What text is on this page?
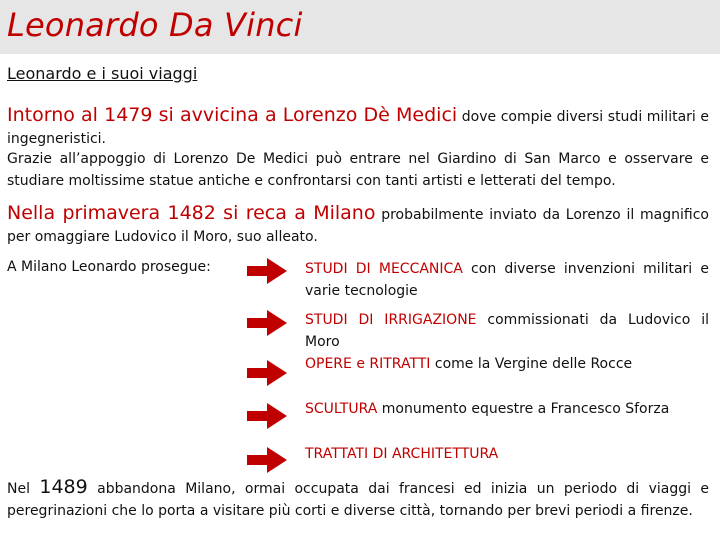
Leonardo Da Vinci
Leonardo e i suoi viaggi

Intorno al 1479 si avvicina a Lorenzo Dè Medici dove compie diversi studi militari e ingegneristici.

Grazie all’appoggio di Lorenzo De Medici può entrare nel Giardino di San Marco e osservare e studiare moltissime statue antiche e confrontarsi con tanti artisti e letterati del tempo.

Nella primavera 1482 si reca a Milano probabilmente inviato da Lorenzo il magnifico per omaggiare Ludovico il Moro, suo alleato.

A Milano Leonardo prosegue:	STUDI DI MECCANICA con diverse invenzioni militari e varie tecnologie
STUDI DI IRRIGAZIONE commissionati da Ludovico il Moro
OPERE e RITRATTI come la Vergine delle Rocce
SCULTURA monumento equestre a Francesco Sforza
TRATTATI DI ARCHITETTURA

Nel 1489 abbandona Milano, ormai occupata dai francesi ed inizia un periodo di viaggi e peregrinazioni che lo porta a visitare più corti e diverse città, tornando per brevi periodi a firenze.
